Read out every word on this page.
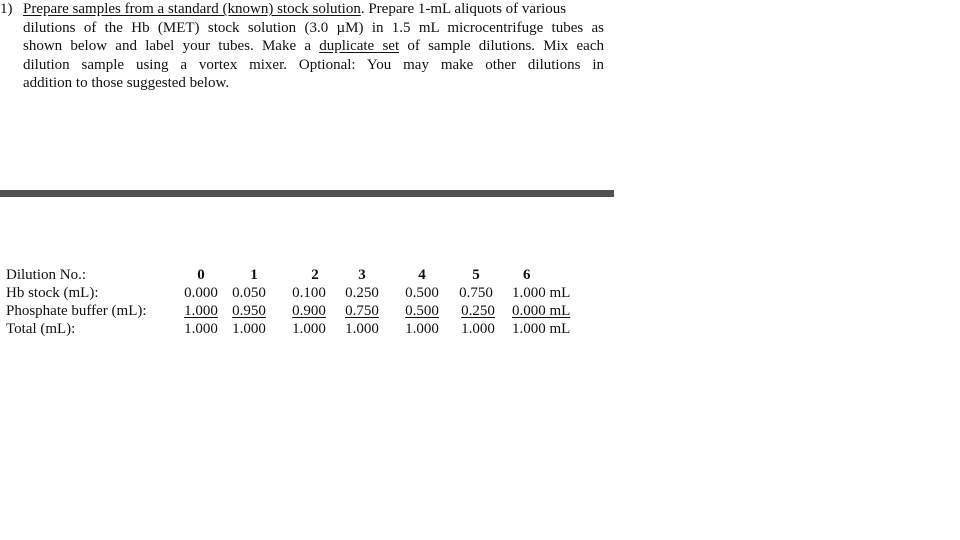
1) Prepare samples from a standard (known) stock solution. Prepare 1-mL aliquots of various
dilutions of the Hb (MET) stock solution (3.0 µM) in 1.5 mL microcentrifuge tubes as
shown below and label your tubes. Make a duplicate set of sample dilutions. Mix each
dilution sample using a vortex mixer. Optional: You may make other dilutions in
addition to those suggested below.
Dilution No.:
Hb stock (mL):
Phosphate buffer (mL):
Total (mL):
0
0.000
1.000
1.000
1
0.050
0.950
1.000
2
0.100
0.900
1.000
3
0.250
0.750
1.000
4
0.500
0.500
1.000
5
0.750
0.250
1.000
6
1.000 mL
0.000 mL
1.000 mL
